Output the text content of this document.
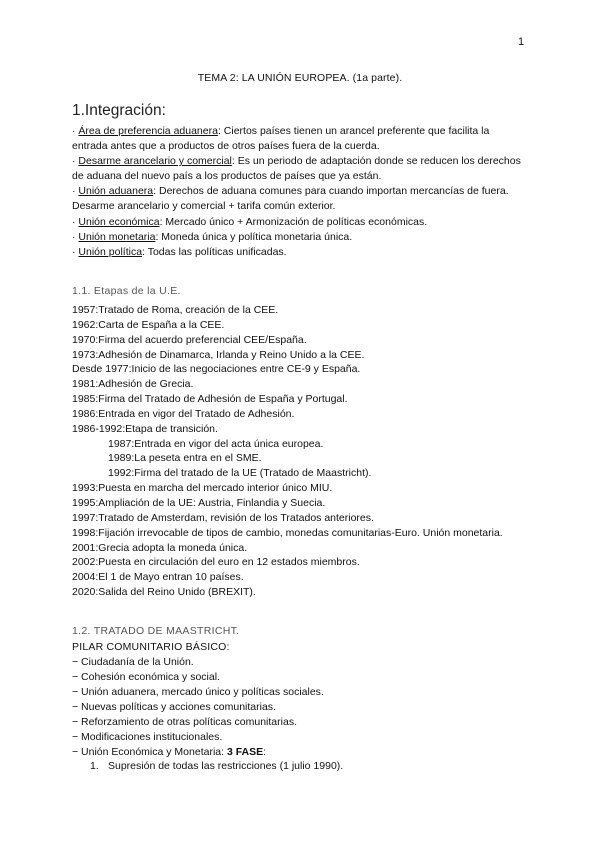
1
TEMA 2: LA UNIÓN EUROPEA. (1a parte).
1.Integración:

· Área de preferencia aduanera: Ciertos países tienen un arancel preferente que facilita la entrada antes que a productos de otros países fuera de la cuerda.

· Desarme arancelario y comercial: Es un periodo de adaptación donde se reducen los derechos de aduana del nuevo país a los productos de países que ya están.

· Unión aduanera: Derechos de aduana comunes para cuando importan mercancías de fuera. Desarme arancelario y comercial + tarifa común exterior.

· Unión económica: Mercado único + Armonización de políticas económicas.

· Unión monetaria: Moneda única y política monetaria única.

· Unión política: Todas las políticas unificadas.

1.1. Etapas de la U.E.
1957:Tratado de Roma, creación de la CEE.
1962:Carta de España a la CEE.
1970:Firma del acuerdo preferencial CEE/España.
1973:Adhesión de Dinamarca, Irlanda y Reino Unido a la CEE.
Desde 1977:Inicio de las negociaciones entre CE-9 y España.
1981:Adhesión de Grecia.
1985:Firma del Tratado de Adhesión de España y Portugal.
1986:Entrada en vigor del Tratado de Adhesión.
1986-1992:Etapa de transición.
1987:Entrada en vigor del acta única europea.
1989:La peseta entra en el SME.
1992:Firma del tratado de la UE (Tratado de Maastricht).
1993:Puesta en marcha del mercado interior único MIU.
1995:Ampliación de la UE: Austria, Finlandia y Suecia.
1997:Tratado de Amsterdam, revisión de los Tratados anteriores.
1998:Fijación irrevocable de tipos de cambio, monedas comunitarias-Euro. Unión monetaria.
2001:Grecia adopta la moneda única.
2002:Puesta en circulación del euro en 12 estados miembros.
2004:El 1 de Mayo entran 10 países.
2020:Salida del Reino Unido (BREXIT).
1.2. TRATADO DE MAASTRICHT.
PILAR COMUNITARIO BÁSICO:
− Ciudadanía de la Unión.
− Cohesión económica y social.
− Unión aduanera, mercado único y políticas sociales.
− Nuevas políticas y acciones comunitarias.
− Reforzamiento de otras políticas comunitarias.
− Modificaciones institucionales.
− Unión Económica y Monetaria: 3 FASE:
1. Supresión de todas las restricciones (1 julio 1990).
